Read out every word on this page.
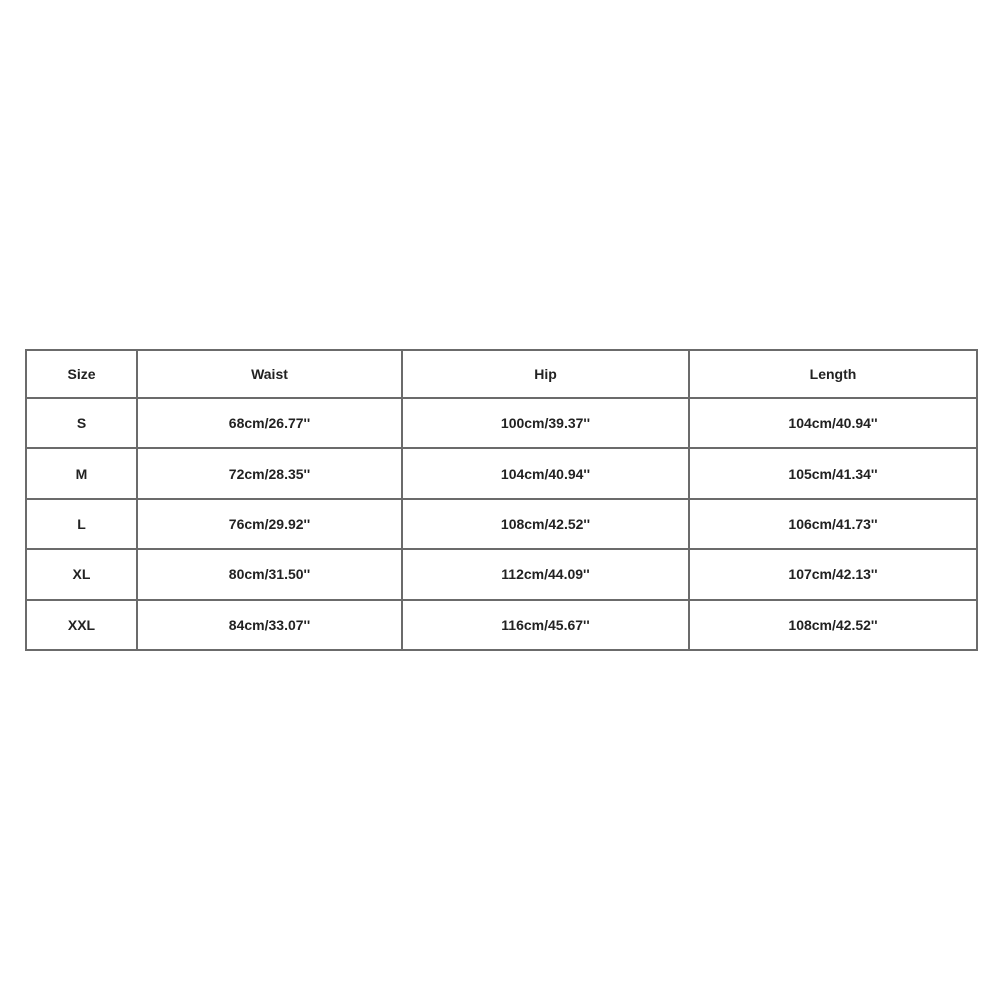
Size	Waist	Hip	Length
S	68cm/26.77''	100cm/39.37''	104cm/40.94''
M	72cm/28.35''	104cm/40.94''	105cm/41.34''
L	76cm/29.92''	108cm/42.52''	106cm/41.73''
XL	80cm/31.50''	112cm/44.09''	107cm/42.13''
XXL	84cm/33.07''	116cm/45.67''	108cm/42.52''
